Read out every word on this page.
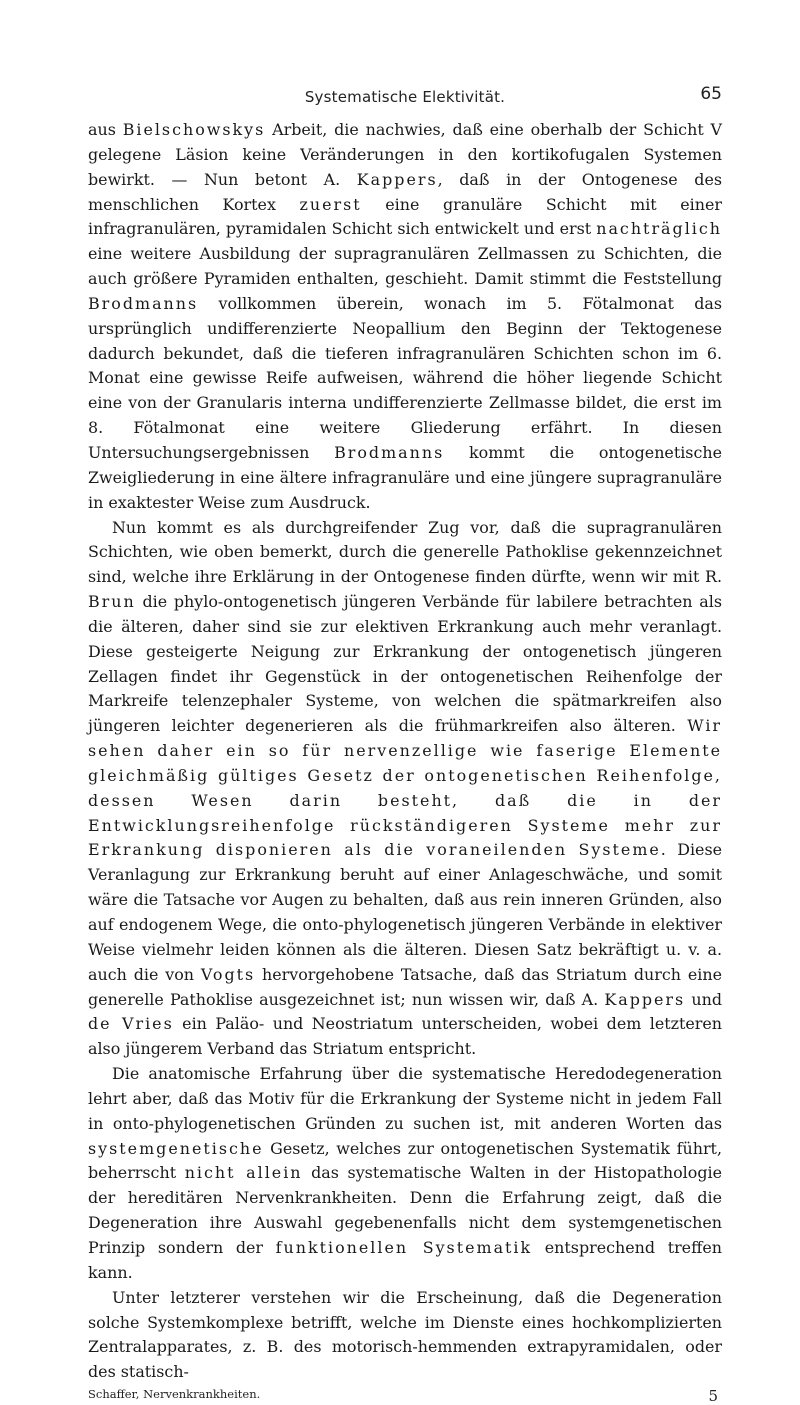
Systematische Elektivität.	65

aus Bielschowskys Arbeit, die nachwies, daß eine oberhalb der Schicht V gelegene Läsion keine Veränderungen in den kortikofugalen Systemen bewirkt. — Nun betont A. Kappers, daß in der Ontogenese des menschlichen Kortex zuerst eine granuläre Schicht mit einer infragranulären, pyramidalen Schicht sich entwickelt und erst nachträglich eine weitere Ausbildung der supragranulären Zellmassen zu Schichten, die auch größere Pyramiden enthalten, geschieht. Damit stimmt die Feststellung Brodmanns vollkommen überein, wonach im 5. Fötalmonat das ursprünglich undifferenzierte Neopallium den Beginn der Tektogenese dadurch bekundet, daß die tieferen infragranulären Schichten schon im 6. Monat eine gewisse Reife aufweisen, während die höher liegende Schicht eine von der Granularis interna undifferenzierte Zellmasse bildet, die erst im 8. Fötalmonat eine weitere Gliederung erfährt. In diesen Untersuchungsergebnissen Brodmanns kommt die ontogenetische Zweigliederung in eine ältere infragranuläre und eine jüngere supragranuläre in exaktester Weise zum Ausdruck.

Nun kommt es als durchgreifender Zug vor, daß die supragranulären Schichten, wie oben bemerkt, durch die generelle Pathoklise gekennzeichnet sind, welche ihre Erklärung in der Ontogenese finden dürfte, wenn wir mit R. Brun die phylo-ontogenetisch jüngeren Verbände für labilere betrachten als die älteren, daher sind sie zur elektiven Erkrankung auch mehr veranlagt. Diese gesteigerte Neigung zur Erkrankung der ontogenetisch jüngeren Zellagen findet ihr Gegenstück in der ontogenetischen Reihenfolge der Markreife telenzephaler Systeme, von welchen die spätmarkreifen also jüngeren leichter degenerieren als die frühmarkreifen also älteren. Wir sehen daher ein so für nervenzellige wie faserige Elemente gleichmäßig gültiges Gesetz der ontogenetischen Reihenfolge, dessen Wesen darin besteht, daß die in der Entwicklungsreihenfolge rückständigeren Systeme mehr zur Erkrankung disponieren als die voraneilenden Systeme. Diese Veranlagung zur Erkrankung beruht auf einer Anlageschwäche, und somit wäre die Tatsache vor Augen zu behalten, daß aus rein inneren Gründen, also auf endogenem Wege, die onto-phylogenetisch jüngeren Verbände in elektiver Weise vielmehr leiden können als die älteren. Diesen Satz bekräftigt u. v. a. auch die von Vogts hervorgehobene Tatsache, daß das Striatum durch eine generelle Pathoklise ausgezeichnet ist; nun wissen wir, daß A. Kappers und de Vries ein Paläo- und Neostriatum unterscheiden, wobei dem letzteren also jüngerem Verband das Striatum entspricht.

Die anatomische Erfahrung über die systematische Heredodegeneration lehrt aber, daß das Motiv für die Erkrankung der Systeme nicht in jedem Fall in onto-phylogenetischen Gründen zu suchen ist, mit anderen Worten das systemgenetische Gesetz, welches zur ontogenetischen Systematik führt, beherrscht nicht allein das systematische Walten in der Histopathologie der hereditären Nervenkrankheiten. Denn die Erfahrung zeigt, daß die Degeneration ihre Auswahl gegebenenfalls nicht dem systemgenetischen Prinzip sondern der funktionellen Systematik entsprechend treffen kann.

Unter letzterer verstehen wir die Erscheinung, daß die Degeneration solche Systemkomplexe betrifft, welche im Dienste eines hochkomplizierten Zentralapparates, z. B. des motorisch-hemmenden extrapyramidalen, oder des statisch-

Schaffer, Nervenkrankheiten.	5
